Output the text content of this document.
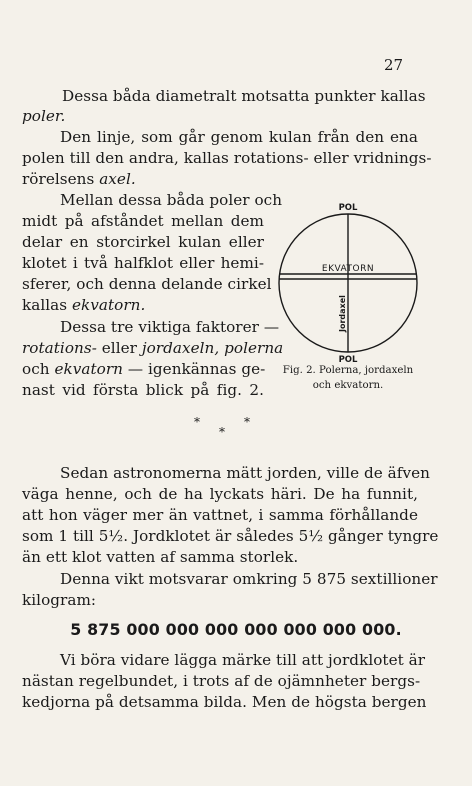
27
Dessa båda diametralt motsatta punkter kallas
poler.
Den linje, som går genom kulan från den ena
polen till den andra, kallas rotations- eller vridnings-
rörelsens axel.
Mellan dessa båda poler och
midt på afståndet mellan dem
delar en storcirkel kulan eller
klotet i två halfklot eller hemi-
sferer, och denna delande cirkel
kallas ekvatorn.
Dessa tre viktiga faktorer —
rotations- eller jordaxeln, polerna
och ekvatorn — igenkännas ge-
nast vid första blick på fig. 2.
POL
POL
EKVATORN
Jordaxel
Fig. 2. Polerna, jordaxeln
och ekvatorn.
*	*
*
Sedan astronomerna mätt jorden, ville de äfven
väga henne, och de ha lyckats häri. De ha funnit,
att hon väger mer än vattnet, i samma förhållande
som 1 till 5½. Jordklotet är således 5½ gånger tyngre
än ett klot vatten af samma storlek.
Denna vikt motsvarar omkring 5 875 sextillioner
kilogram:
5 875 000 000 000 000 000 000 000.
Vi böra vidare lägga märke till att jordklotet är
nästan regelbundet, i trots af de ojämnheter bergs-
kedjorna på detsamma bilda. Men de högsta bergen
